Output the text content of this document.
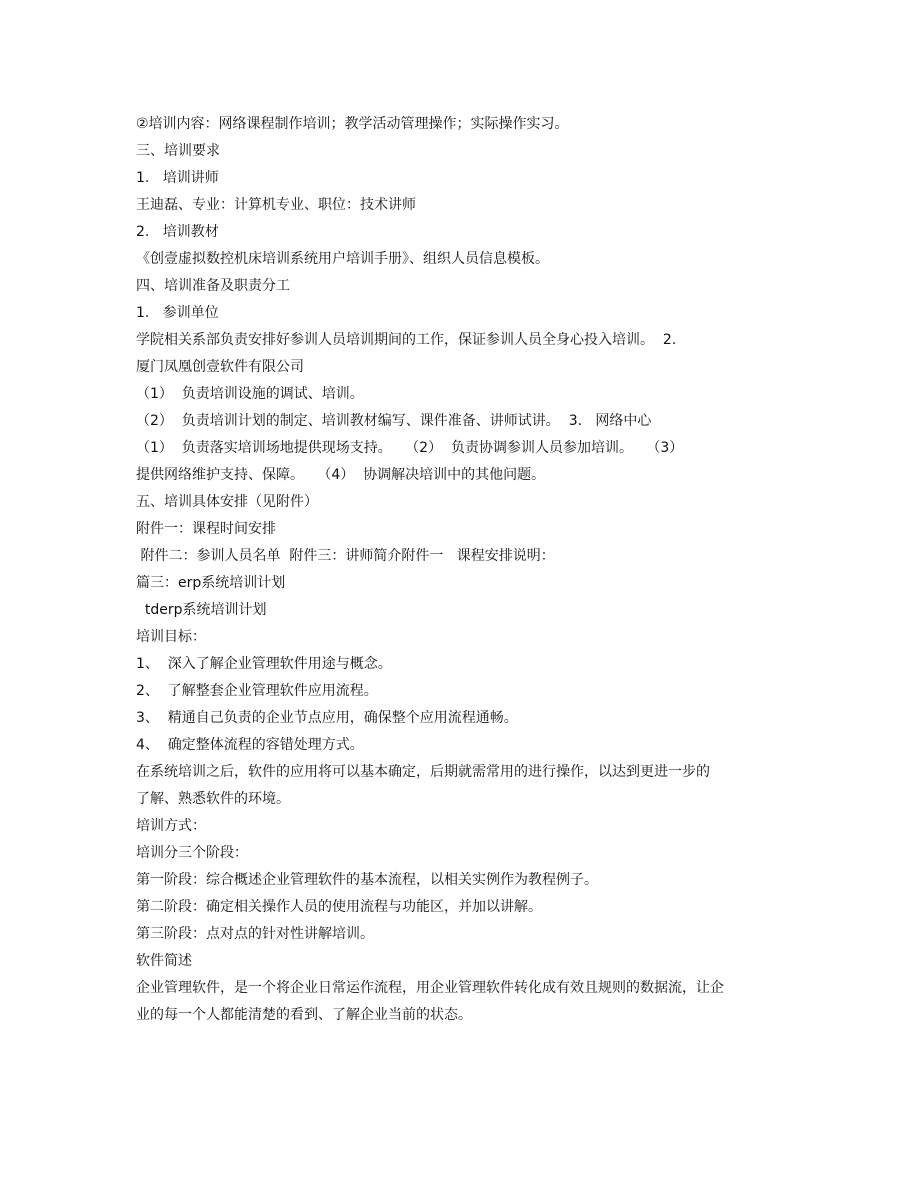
②培训内容：网络课程制作培训；教学活动管理操作；实际操作实习。
三、培训要求
1.   培训讲师
王迪磊、专业：计算机专业、职位：技术讲师
2.   培训教材
《创壹虚拟数控机床培训系统用户培训手册》、组织人员信息模板。
四、培训准备及职责分工
1.   参训单位
学院相关系部负责安排好参训人员培训期间的工作，保证参训人员全身心投入培训。  2.
厦门凤凰创壹软件有限公司
（1）  负责培训设施的调试、培训。
（2）  负责培训计划的制定、培训教材编写、课件准备、讲师试讲。  3.   网络中心
（1）  负责落实培训场地提供现场支持。   （2）  负责协调参训人员参加培训。   （3）
提供网络维护支持、保障。   （4）  协调解决培训中的其他问题。
五、培训具体安排（见附件）
附件一：课程时间安排
附件二：参训人员名单  附件三：讲师简介附件一   课程安排说明：
篇三：erp系统培训计划
tderp系统培训计划
培训目标：
1、  深入了解企业管理软件用途与概念。
2、  了解整套企业管理软件应用流程。
3、  精通自己负责的企业节点应用，确保整个应用流程通畅。
4、  确定整体流程的容错处理方式。
在系统培训之后，软件的应用将可以基本确定，后期就需常用的进行操作，以达到更进一步的
了解、熟悉软件的环境。
培训方式：
培训分三个阶段：
第一阶段：综合概述企业管理软件的基本流程，以相关实例作为教程例子。
第二阶段：确定相关操作人员的使用流程与功能区，并加以讲解。
第三阶段：点对点的针对性讲解培训。
软件简述
企业管理软件，是一个将企业日常运作流程，用企业管理软件转化成有效且规则的数据流，让企
业的每一个人都能清楚的看到、了解企业当前的状态。
